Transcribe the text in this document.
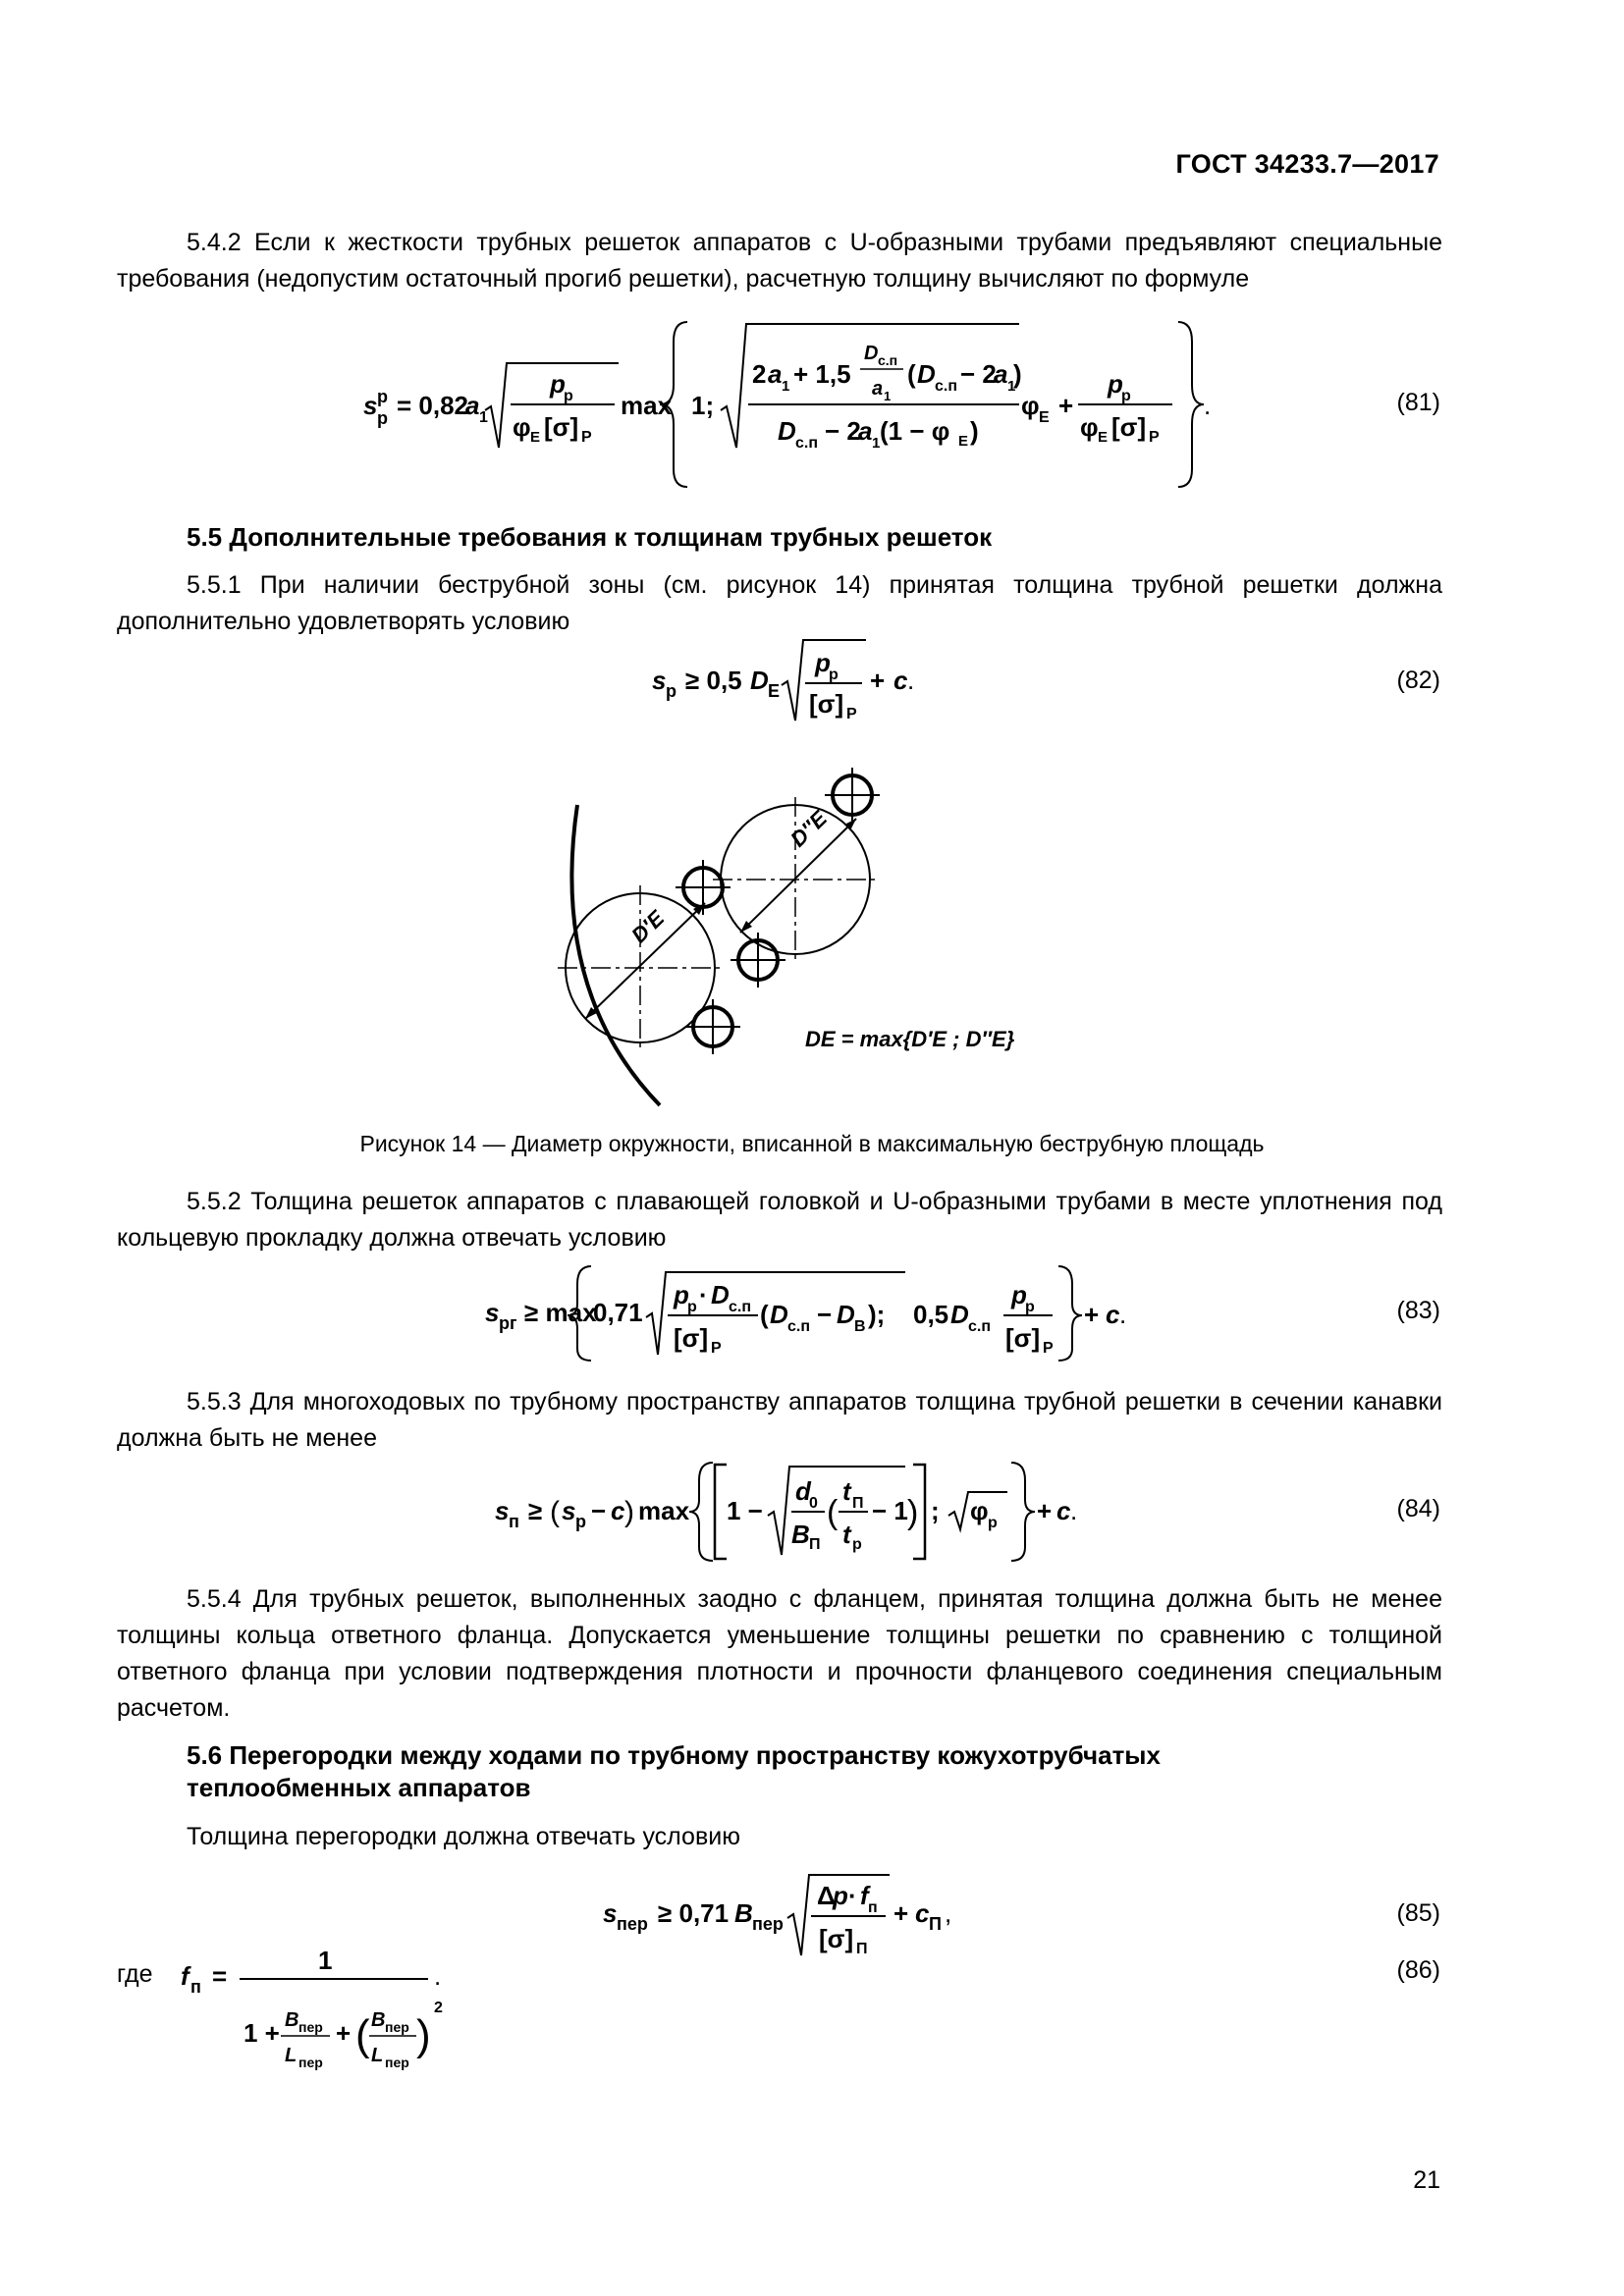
ГОСТ 34233.7—2017
5.4.2 Если к жесткости трубных решеток аппаратов с U-образными трубами предъявляют специальные требования (недопустим остаточный прогиб решетки), расчетную толщину вычисляют по формуле
s р
р = 0,82
a 1
p
р
φ E [σ] Р
max 1;
2 a 1 + 1,5
D с.п
a 1
( D с.п − 2
a 1
)
D с.п − 2
a 1 (1 − φ E )
φ E +
p
р
φ E [σ] Р
.	(81)
5.5 Дополнительные требования к толщинам трубных решеток
5.5.1 При наличии беструбной зоны (см. рисунок 14) принятая толщина трубной решетки должна дополнительно удовлетворять условию
s р ≥ 0,5 D E
p
р
[σ] Р
+ c .	(82)
D′E
D″E
DE = max{D′E ; D″E}
Рисунок 14 — Диаметр окружности, вписанной в максимальную беструбную площадь
5.5.2 Толщина решеток аппаратов с плавающей головкой и U-образными трубами в месте уплотнения под кольцевую прокладку должна отвечать условию
s рг ≥ max
0,71
p
р · D с.п
[σ] Р
( D с.п − D В ); 0,5 D с.п
p
р
[σ] Р
+ c .	(83)
5.5.3 Для многоходовых по трубному пространству аппаратов толщина трубной решетки в сечении канавки должна быть не менее
s п ≥ ( s р − c ) max 1 −
d
0
B П
(
t П
t р
− 1 ) ; φ р + c .	(84)
5.5.4 Для трубных решеток, выполненных заодно с фланцем, принятая толщина должна быть не менее толщины кольца ответного фланца. Допускается уменьшение толщины решетки по сравнению с толщиной ответного фланца при условии подтверждения плотности и прочности фланцевого соединения специальным расчетом.
5.6 Перегородки между ходами по трубному пространству кожухотрубчатых
теплообменных аппаратов
Толщина перегородки должна отвечать условию
s пер ≥ 0,71 B пер
Δ
p · f п
[σ] П
+ c П ,	(85)
где f п =
1
1 + B пер
L пер
+ ( B пер
L пер
)
2
.	(86)
21
